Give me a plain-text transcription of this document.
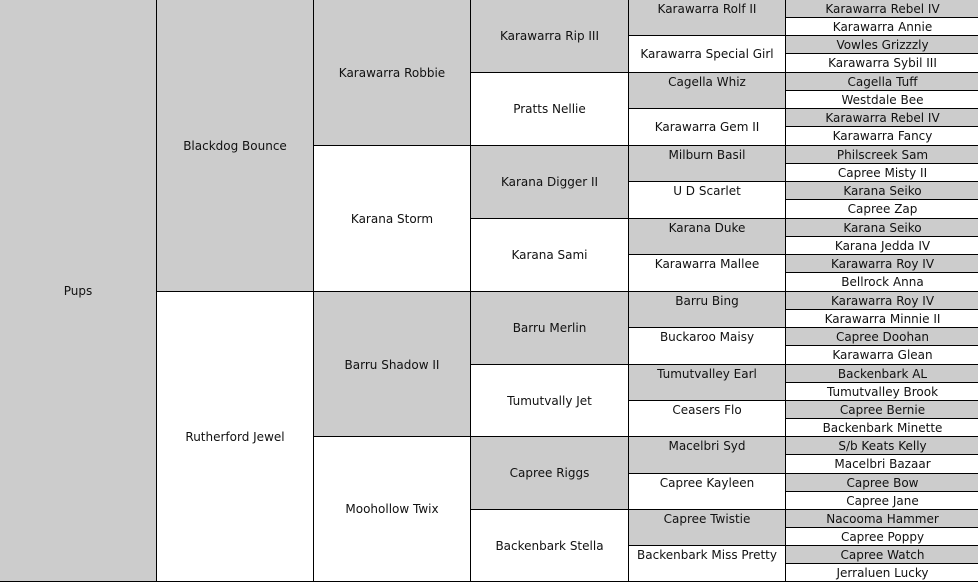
Pups
Blackdog Bounce
Rutherford Jewel
Karawarra Robbie
Karana Storm
Barru Shadow II
Moohollow Twix
Karawarra Rip III
Pratts Nellie
Karana Digger II
Karana Sami
Barru Merlin
Tumutvally Jet
Capree Riggs
Backenbark Stella
Karawarra Rolf II
Karawarra Special Girl
Cagella Whiz
Karawarra Gem II
Milburn Basil
U D Scarlet
Karana Duke
Karawarra Mallee
Barru Bing
Buckaroo Maisy
Tumutvalley Earl
Ceasers Flo
Macelbri Syd
Capree Kayleen
Capree Twistie
Backenbark Miss Pretty
Karawarra Rebel IV
Karawarra Annie
Vowles Grizzzly
Karawarra Sybil III
Cagella Tuff
Westdale Bee
Karawarra Rebel IV
Karawarra Fancy
Philscreek Sam
Capree Misty II
Karana Seiko
Capree Zap
Karana Seiko
Karana Jedda IV
Karawarra Roy IV
Bellrock Anna
Karawarra Roy IV
Karawarra Minnie II
Capree Doohan
Karawarra Glean
Backenbark AL
Tumutvalley Brook
Capree Bernie
Backenbark Minette
S/b Keats Kelly
Macelbri Bazaar
Capree Bow
Capree Jane
Nacooma Hammer
Capree Poppy
Capree Watch
Jerraluen Lucky
